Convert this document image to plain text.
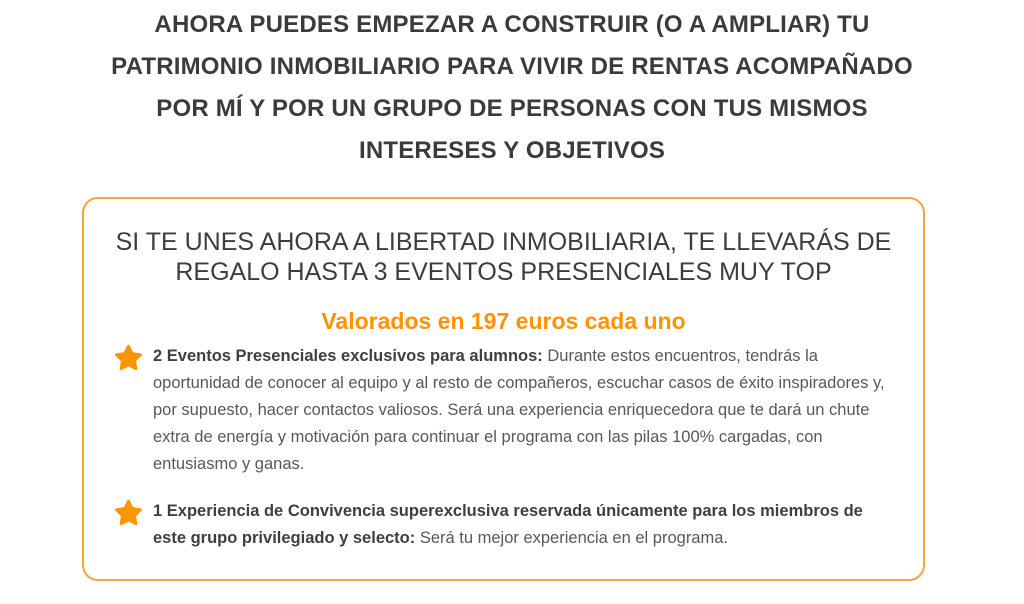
AHORA PUEDES EMPEZAR A CONSTRUIR (O A AMPLIAR) TU
PATRIMONIO INMOBILIARIO PARA VIVIR DE RENTAS ACOMPAÑADO
POR MÍ Y POR UN GRUPO DE PERSONAS CON TUS MISMOS
INTERESES Y OBJETIVOS
SI TE UNES AHORA A LIBERTAD INMOBILIARIA, TE LLEVARÁS DE
REGALO HASTA 3 EVENTOS PRESENCIALES MUY TOP
Valorados en 197 euros cada uno

2 Eventos Presenciales exclusivos para alumnos: Durante estos encuentros, tendrás la oportunidad de conocer al equipo y al resto de compañeros, escuchar casos de éxito inspiradores y, por supuesto, hacer contactos valiosos. Será una experiencia enriquecedora que te dará un chute extra de energía y motivación para continuar el programa con las pilas 100% cargadas, con entusiasmo y ganas.

1 Experiencia de Convivencia superexclusiva reservada únicamente para los miembros de este grupo privilegiado y selecto: Será tu mejor experiencia en el programa.
